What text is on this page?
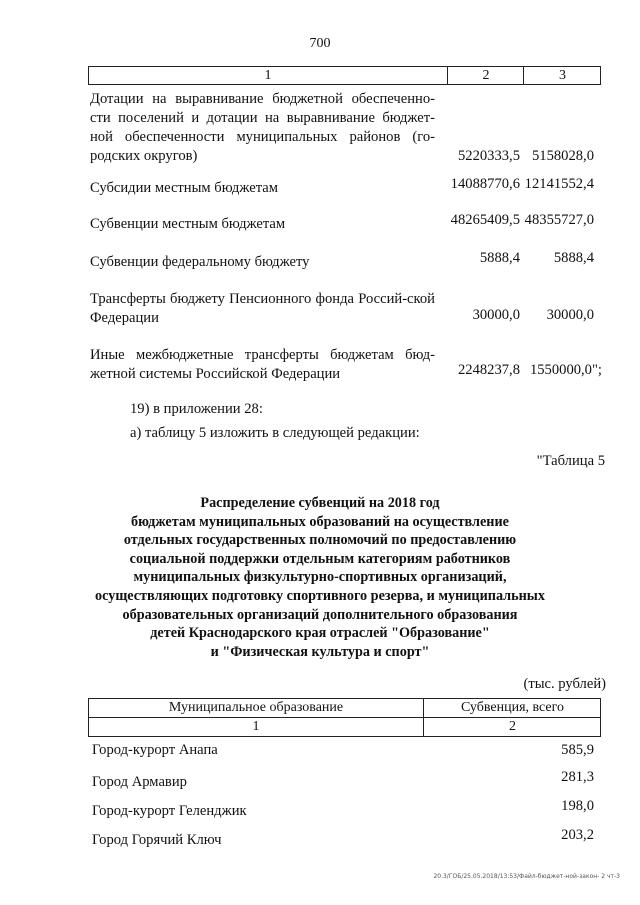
700
1	2	3
Дотации на выравнивание бюджетной обеспеченно-сти поселений и дотации на выравнивание бюджет-ной обеспеченности муниципальных районов (го-родских округов)	5220333,5 5158028,0
Субсидии местным бюджетам	14088770,6 12141552,4
Субвенции местным бюджетам	48265409,5 48355727,0
Субвенции федеральному бюджету	5888,4	5888,4
Трансферты бюджету Пенсионного фонда Россий-ской Федерации	30000,0	30000,0
Иные межбюджетные трансферты бюджетам бюд-жетной системы Российской Федерации	2248237,8 1550000,0";
19) в приложении 28:
а) таблицу 5 изложить в следующей редакции:
"Таблица 5
Распределение субвенций на 2018 год
бюджетам муниципальных образований на осуществление
отдельных государственных полномочий по предоставлению
социальной поддержки отдельным категориям работников
муниципальных физкультурно-спортивных организаций,
осуществляющих подготовку спортивного резерва, и муниципальных
образовательных организаций дополнительного образования
детей Краснодарского края отраслей "Образование"
и "Физическая культура и спорт"
(тыс. рублей)
Муниципальное образование	Субвенция, всего
1	2
Город-курорт Анапа	585,9
Город Армавир	281,3
Город-курорт Геленджик	198,0
Город Горячий Ключ	203,2
20.3/ГОБ/25.05.2018/13:53/Файл-бюджет-ной-закон- 2 чт-3
